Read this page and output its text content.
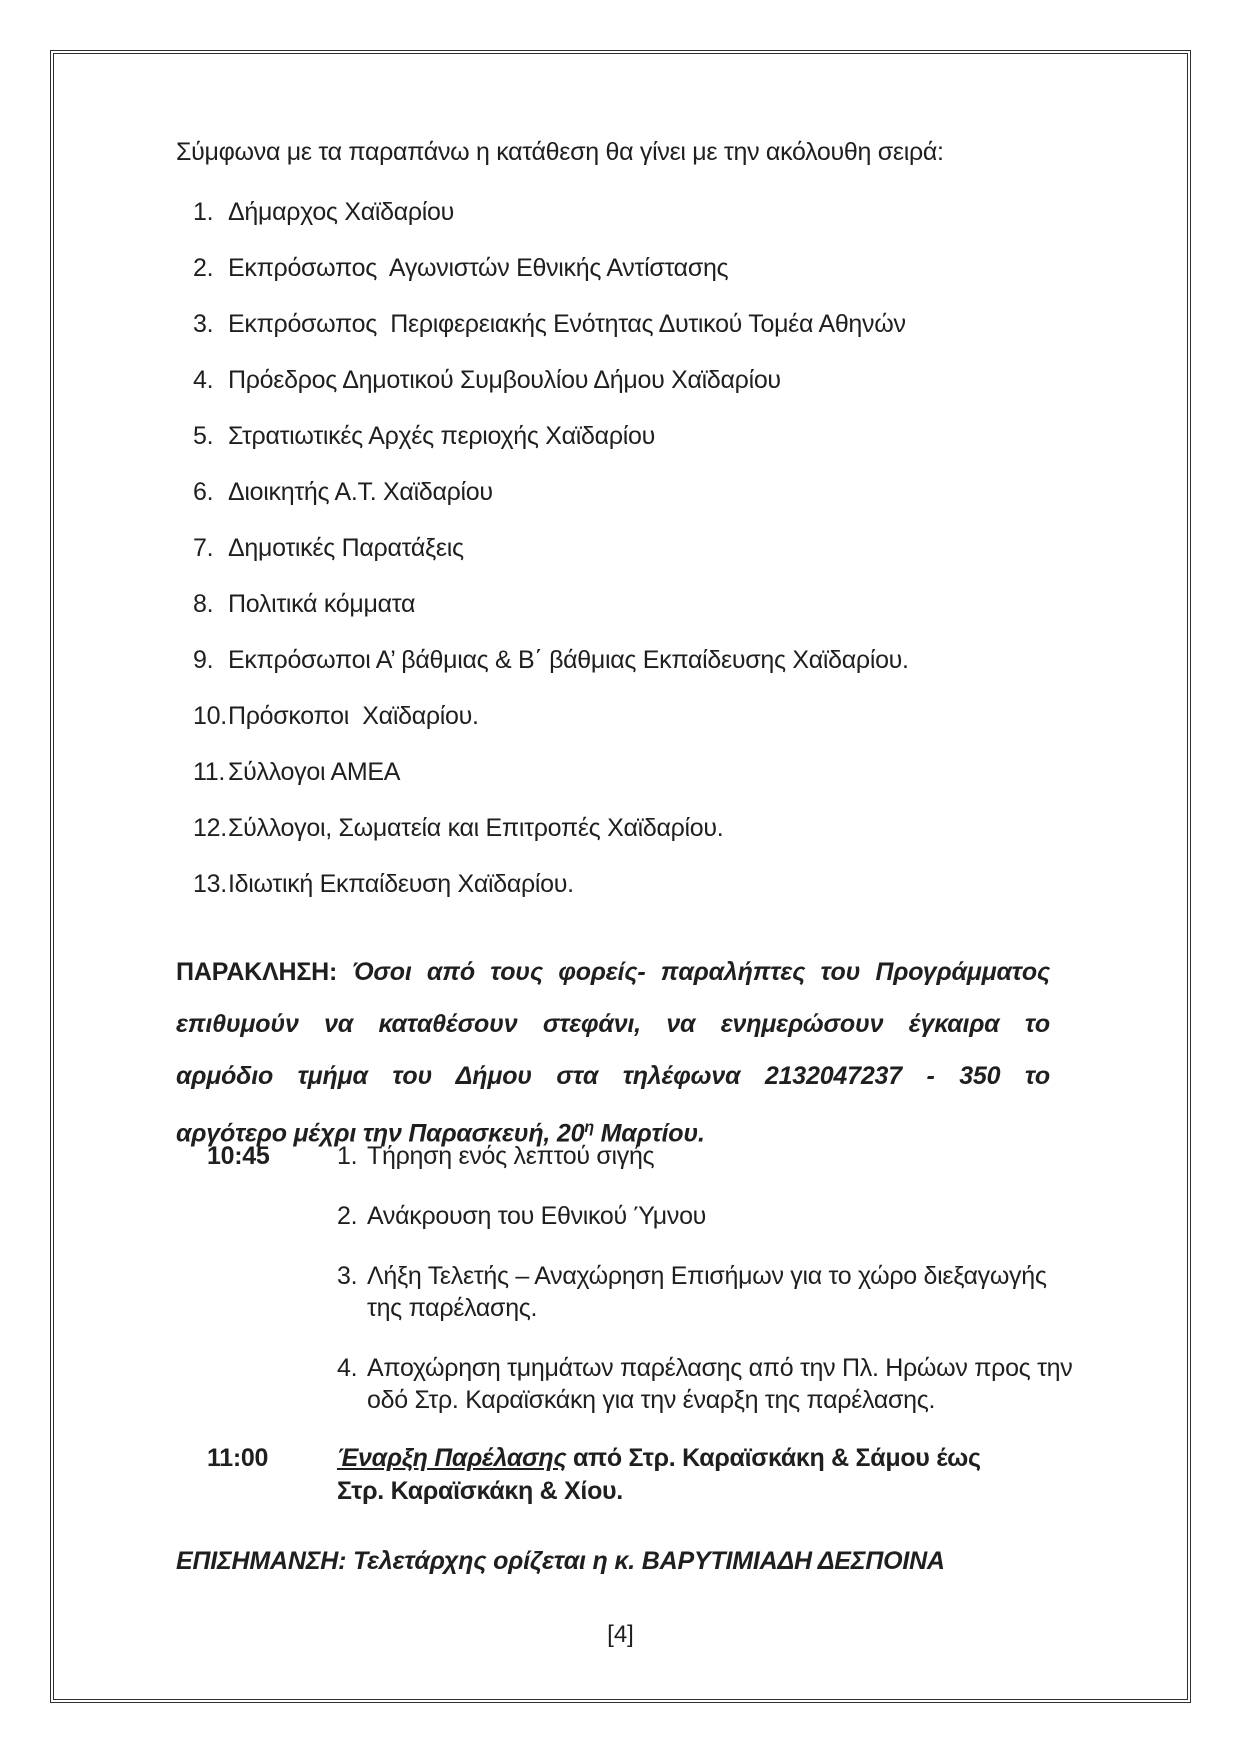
Σύμφωνα με τα παραπάνω η κατάθεση θα γίνει με την ακόλουθη σειρά:
1. Δήμαρχος Χαϊδαρίου
2. Εκπρόσωπος  Αγωνιστών Εθνικής Αντίστασης
3. Εκπρόσωπος  Περιφερειακής Ενότητας Δυτικού Τομέα Αθηνών
4. Πρόεδρος Δημοτικού Συμβουλίου Δήμου Χαϊδαρίου
5. Στρατιωτικές Αρχές περιοχής Χαϊδαρίου
6. Διοικητής Α.Τ. Χαϊδαρίου
7. Δημοτικές Παρατάξεις
8. Πολιτικά κόμματα
9. Εκπρόσωποι Α’ βάθμιας & Β΄ βάθμιας Εκπαίδευσης Χαϊδαρίου.
10. Πρόσκοποι  Χαϊδαρίου.
11. Σύλλογοι ΑΜΕΑ
12. Σύλλογοι, Σωματεία και Επιτροπές Χαϊδαρίου.
13. Ιδιωτική Εκπαίδευση Χαϊδαρίου.
ΠΑΡΑΚΛΗΣΗ: Όσοι από τους φορείς- παραλήπτες του Προγράμματος
επιθυμούν να καταθέσουν στεφάνι, να ενημερώσουν έγκαιρα το
αρμόδιο τμήμα του Δήμου στα τηλέφωνα 2132047237 - 350 το
αργότερο μέχρι την Παρασκευή, $20^\eta$ Μαρτίου.
10:45	1. Τήρηση ενός λεπτού σιγής
2. Ανάκρουση του Εθνικού Ύμνου
3. Λήξη Τελετής – Αναχώρηση Επισήμων για το χώρο διεξαγωγής
της παρέλασης.
4. Αποχώρηση τμημάτων παρέλασης από την Πλ. Ηρώων προς την
οδό Στρ. Καραϊσκάκη για την έναρξη της παρέλασης.
11:00	Έναρξη Παρέλασης από Στρ. Καραϊσκάκη & Σάμου έως
Στρ. Καραϊσκάκη & Χίου.
ΕΠΙΣΗΜΑΝΣΗ: Τελετάρχης ορίζεται η κ. ΒΑΡΥΤΙΜΙΑΔΗ ΔΕΣΠΟΙΝΑ
[4]
